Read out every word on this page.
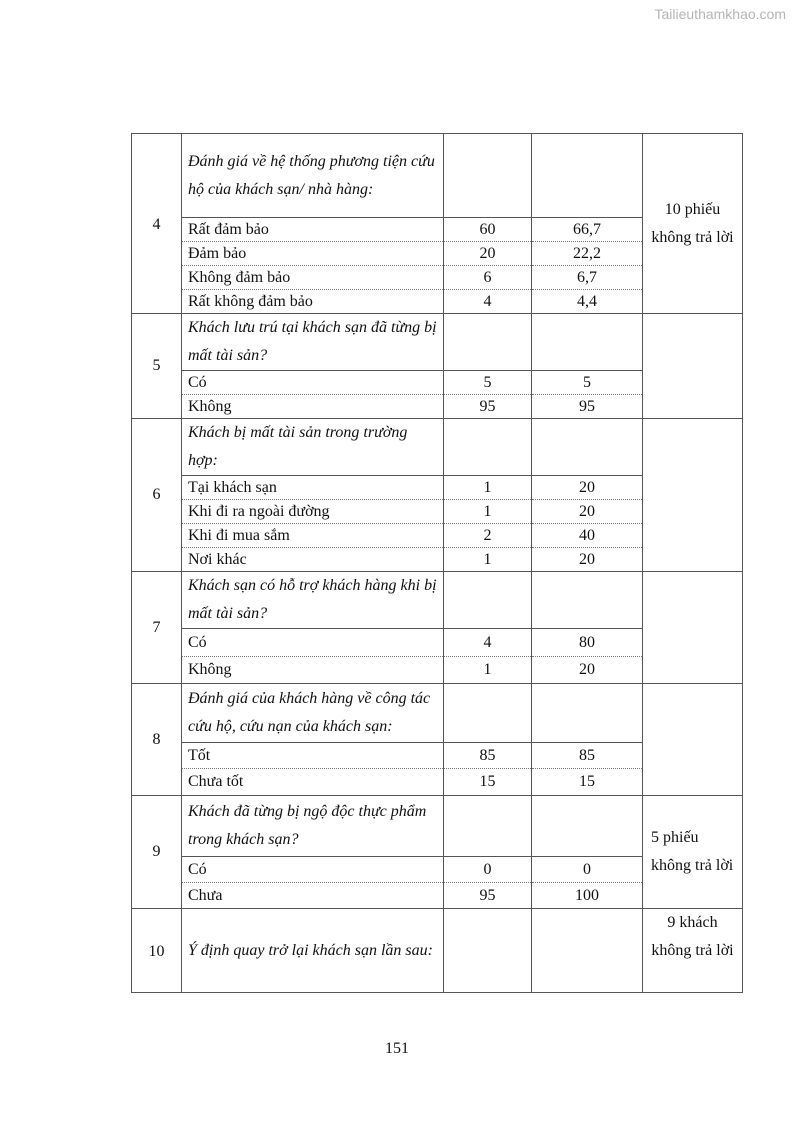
Tailieuthamkhao.com
4	Đánh giá về hệ thống phương tiện cứu hộ của khách sạn/ nhà hàng:			10 phiếu không trả lời
	Rất đảm bảo	60	66,7	
	Đảm bảo	20	22,2	
	Không đảm bảo	6	6,7	
	Rất không đảm bảo	4	4,4	
5	Khách lưu trú tại khách sạn đã từng bị mất tài sản?			
	Có	5	5	
	Không	95	95	
6	Khách bị mất tài sản trong trường hợp:			
	Tại khách sạn	1	20	
	Khi đi ra ngoài đường	1	20	
	Khi đi mua sắm	2	40	
	Nơi khác	1	20	
7	Khách sạn có hỗ trợ khách hàng khi bị mất tài sản?			
	Có	4	80	
	Không	1	20	
8	Đánh giá của khách hàng về công tác cứu hộ, cứu nạn của khách sạn:			
	Tốt	85	85	
	Chưa tốt	15	15	
9	Khách đã từng bị ngộ độc thực phẩm trong khách sạn?			5 phiếu không trả lời
	Có	0	0	
	Chưa	95	100	
10	Ý định quay trở lại khách sạn lần sau:			9 khách không trả lời
151
